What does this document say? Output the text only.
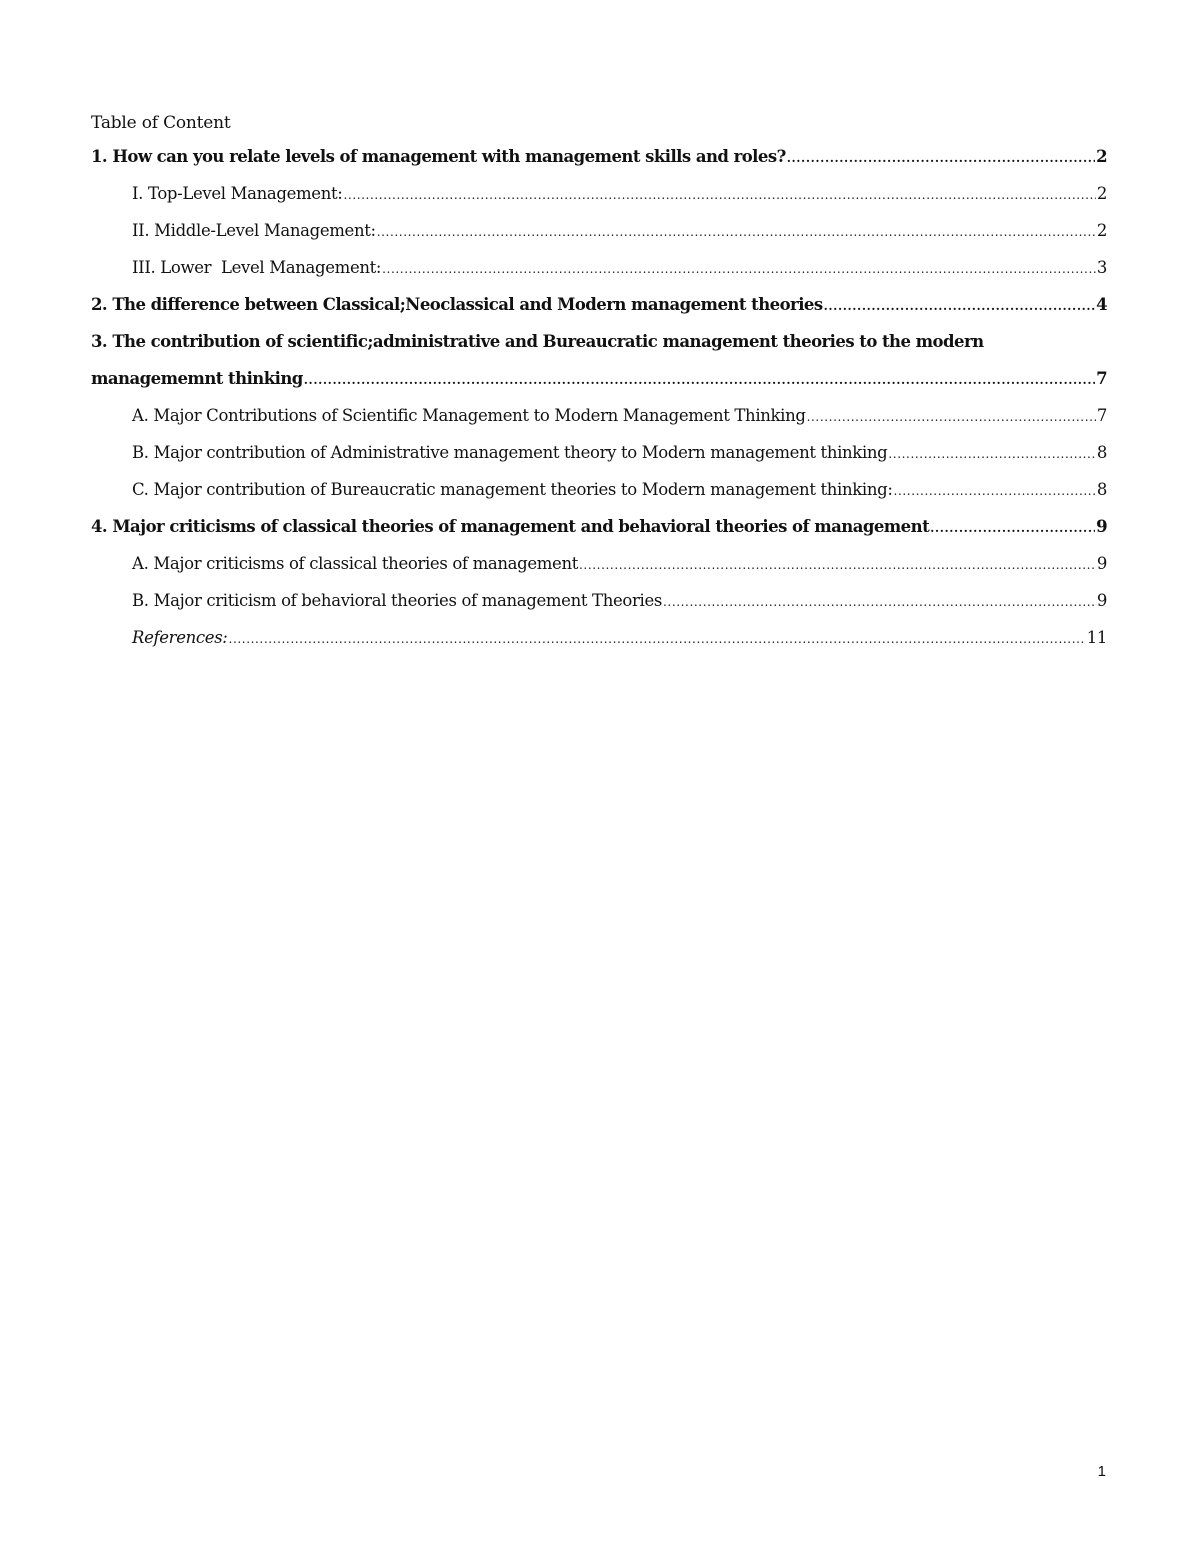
Table of Content
1. How can you relate levels of management with management skills and roles? .....	2
I. Top-Level Management: .....	2
II. Middle-Level Management: .....	2
III. Lower  Level Management: .....	3
2. The difference between Classical;Neoclassical and Modern management theories .....	4
3. The contribution of scientific;administrative and Bureaucratic management theories to the modern
managememnt thinking .....	7
A. Major Contributions of Scientific Management to Modern Management Thinking .....	7
B. Major contribution of Administrative management theory to Modern management thinking .....	8
C. Major contribution of Bureaucratic management theories to Modern management thinking: .....	8
4. Major criticisms of classical theories of management and behavioral theories of management .....	9
A. Major criticisms of classical theories of management .....	9
B. Major criticism of behavioral theories of management Theories .....	9
References: .....	11
1
